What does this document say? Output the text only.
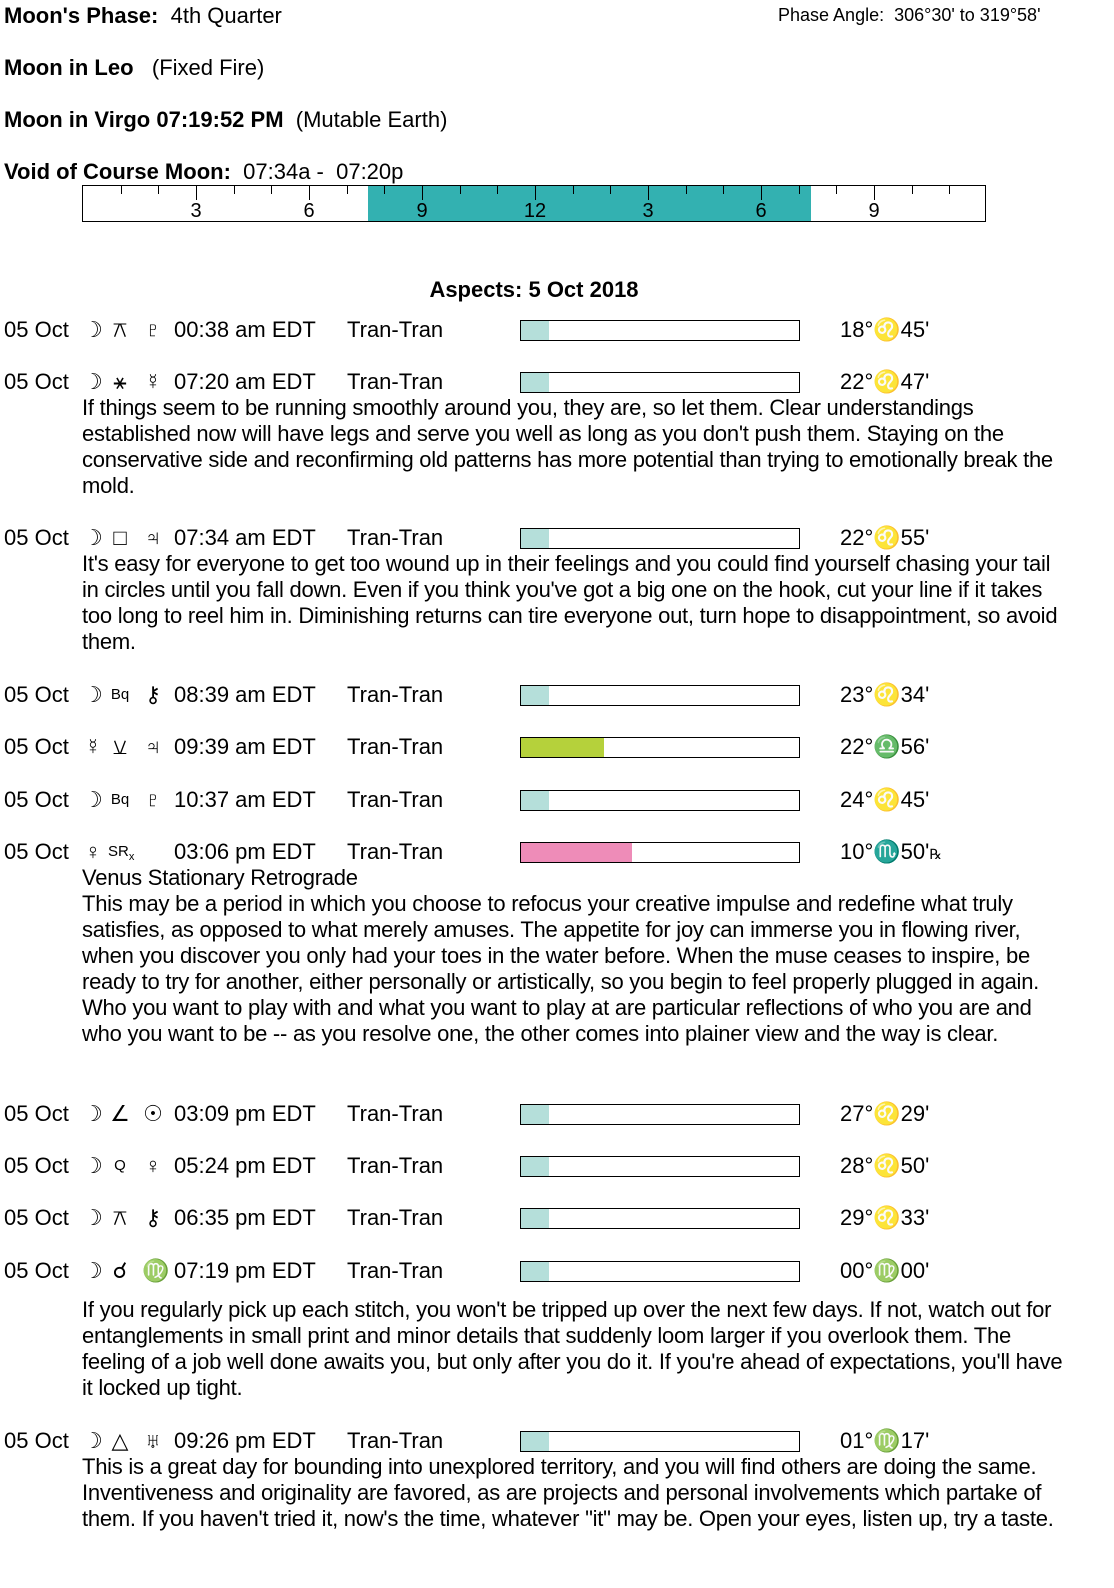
Moon's Phase: 4th Quarter	Phase Angle: 306°30' to 319°58'
Moon in Leo (Fixed Fire)
Moon in Virgo 07:19:52 PM (Mutable Earth)
Void of Course Moon: 07:34a -  07:20p
3	6	9	12	3	6	9
Aspects: 5 Oct 2018
05 Oct ☽ ⚻ ♇ 00:38 am EDT Tran-Tran	18°♌45'
05 Oct ☽ ⚹ ☿ 07:20 am EDT Tran-Tran	22°♌47'
If things seem to be running smoothly around you, they are, so let them. Clear understandings established now will have legs and serve you well as long as you don't push them. Staying on the conservative side and reconfirming old patterns has more potential than trying to emotionally break the mold.
05 Oct ☽ □ ♃ 07:34 am EDT Tran-Tran	22°♌55'
It's easy for everyone to get too wound up in their feelings and you could find yourself chasing your tail in circles until you fall down. Even if you think you've got a big one on the hook, cut your line if it takes too long to reel him in. Diminishing returns can tire everyone out, turn hope to disappointment, so avoid them.
05 Oct ☽ Bq ⚷ 08:39 am EDT Tran-Tran	23°♌34'
05 Oct ☿ ⚺ ♃ 09:39 am EDT Tran-Tran	22°♎56'
05 Oct ☽ Bq ♇ 10:37 am EDT Tran-Tran	24°♌45'
05 Oct ♀ $SR_x$ 03:06 pm EDT Tran-Tran	10°♏50'℞
Venus Stationary Retrograde
This may be a period in which you choose to refocus your creative impulse and redefine what truly satisfies, as opposed to what merely amuses. The appetite for joy can immerse you in flowing river, when you discover you only had your toes in the water before. When the muse ceases to inspire, be ready to try for another, either personally or artistically, so you begin to feel properly plugged in again. Who you want to play with and what you want to play at are particular reflections of who you are and who you want to be -- as you resolve one, the other comes into plainer view and the way is clear.
05 Oct ☽ ∠ ☉ 03:09 pm EDT Tran-Tran	27°♌29'
05 Oct ☽ Q ♀ 05:24 pm EDT Tran-Tran	28°♌50'
05 Oct ☽ ⚻ ⚷ 06:35 pm EDT Tran-Tran	29°♌33'
05 Oct ☽ ☌ ♍ 07:19 pm EDT Tran-Tran	00°♍00'
If you regularly pick up each stitch, you won't be tripped up over the next few days. If not, watch out for entanglements in small print and minor details that suddenly loom larger if you overlook them. The feeling of a job well done awaits you, but only after you do it. If you're ahead of expectations, you'll have it locked up tight.
05 Oct ☽ △ ♅ 09:26 pm EDT Tran-Tran	01°♍17'
This is a great day for bounding into unexplored territory, and you will find others are doing the same. Inventiveness and originality are favored, as are projects and personal involvements which partake of them. If you haven't tried it, now's the time, whatever "it" may be. Open your eyes, listen up, try a taste.
